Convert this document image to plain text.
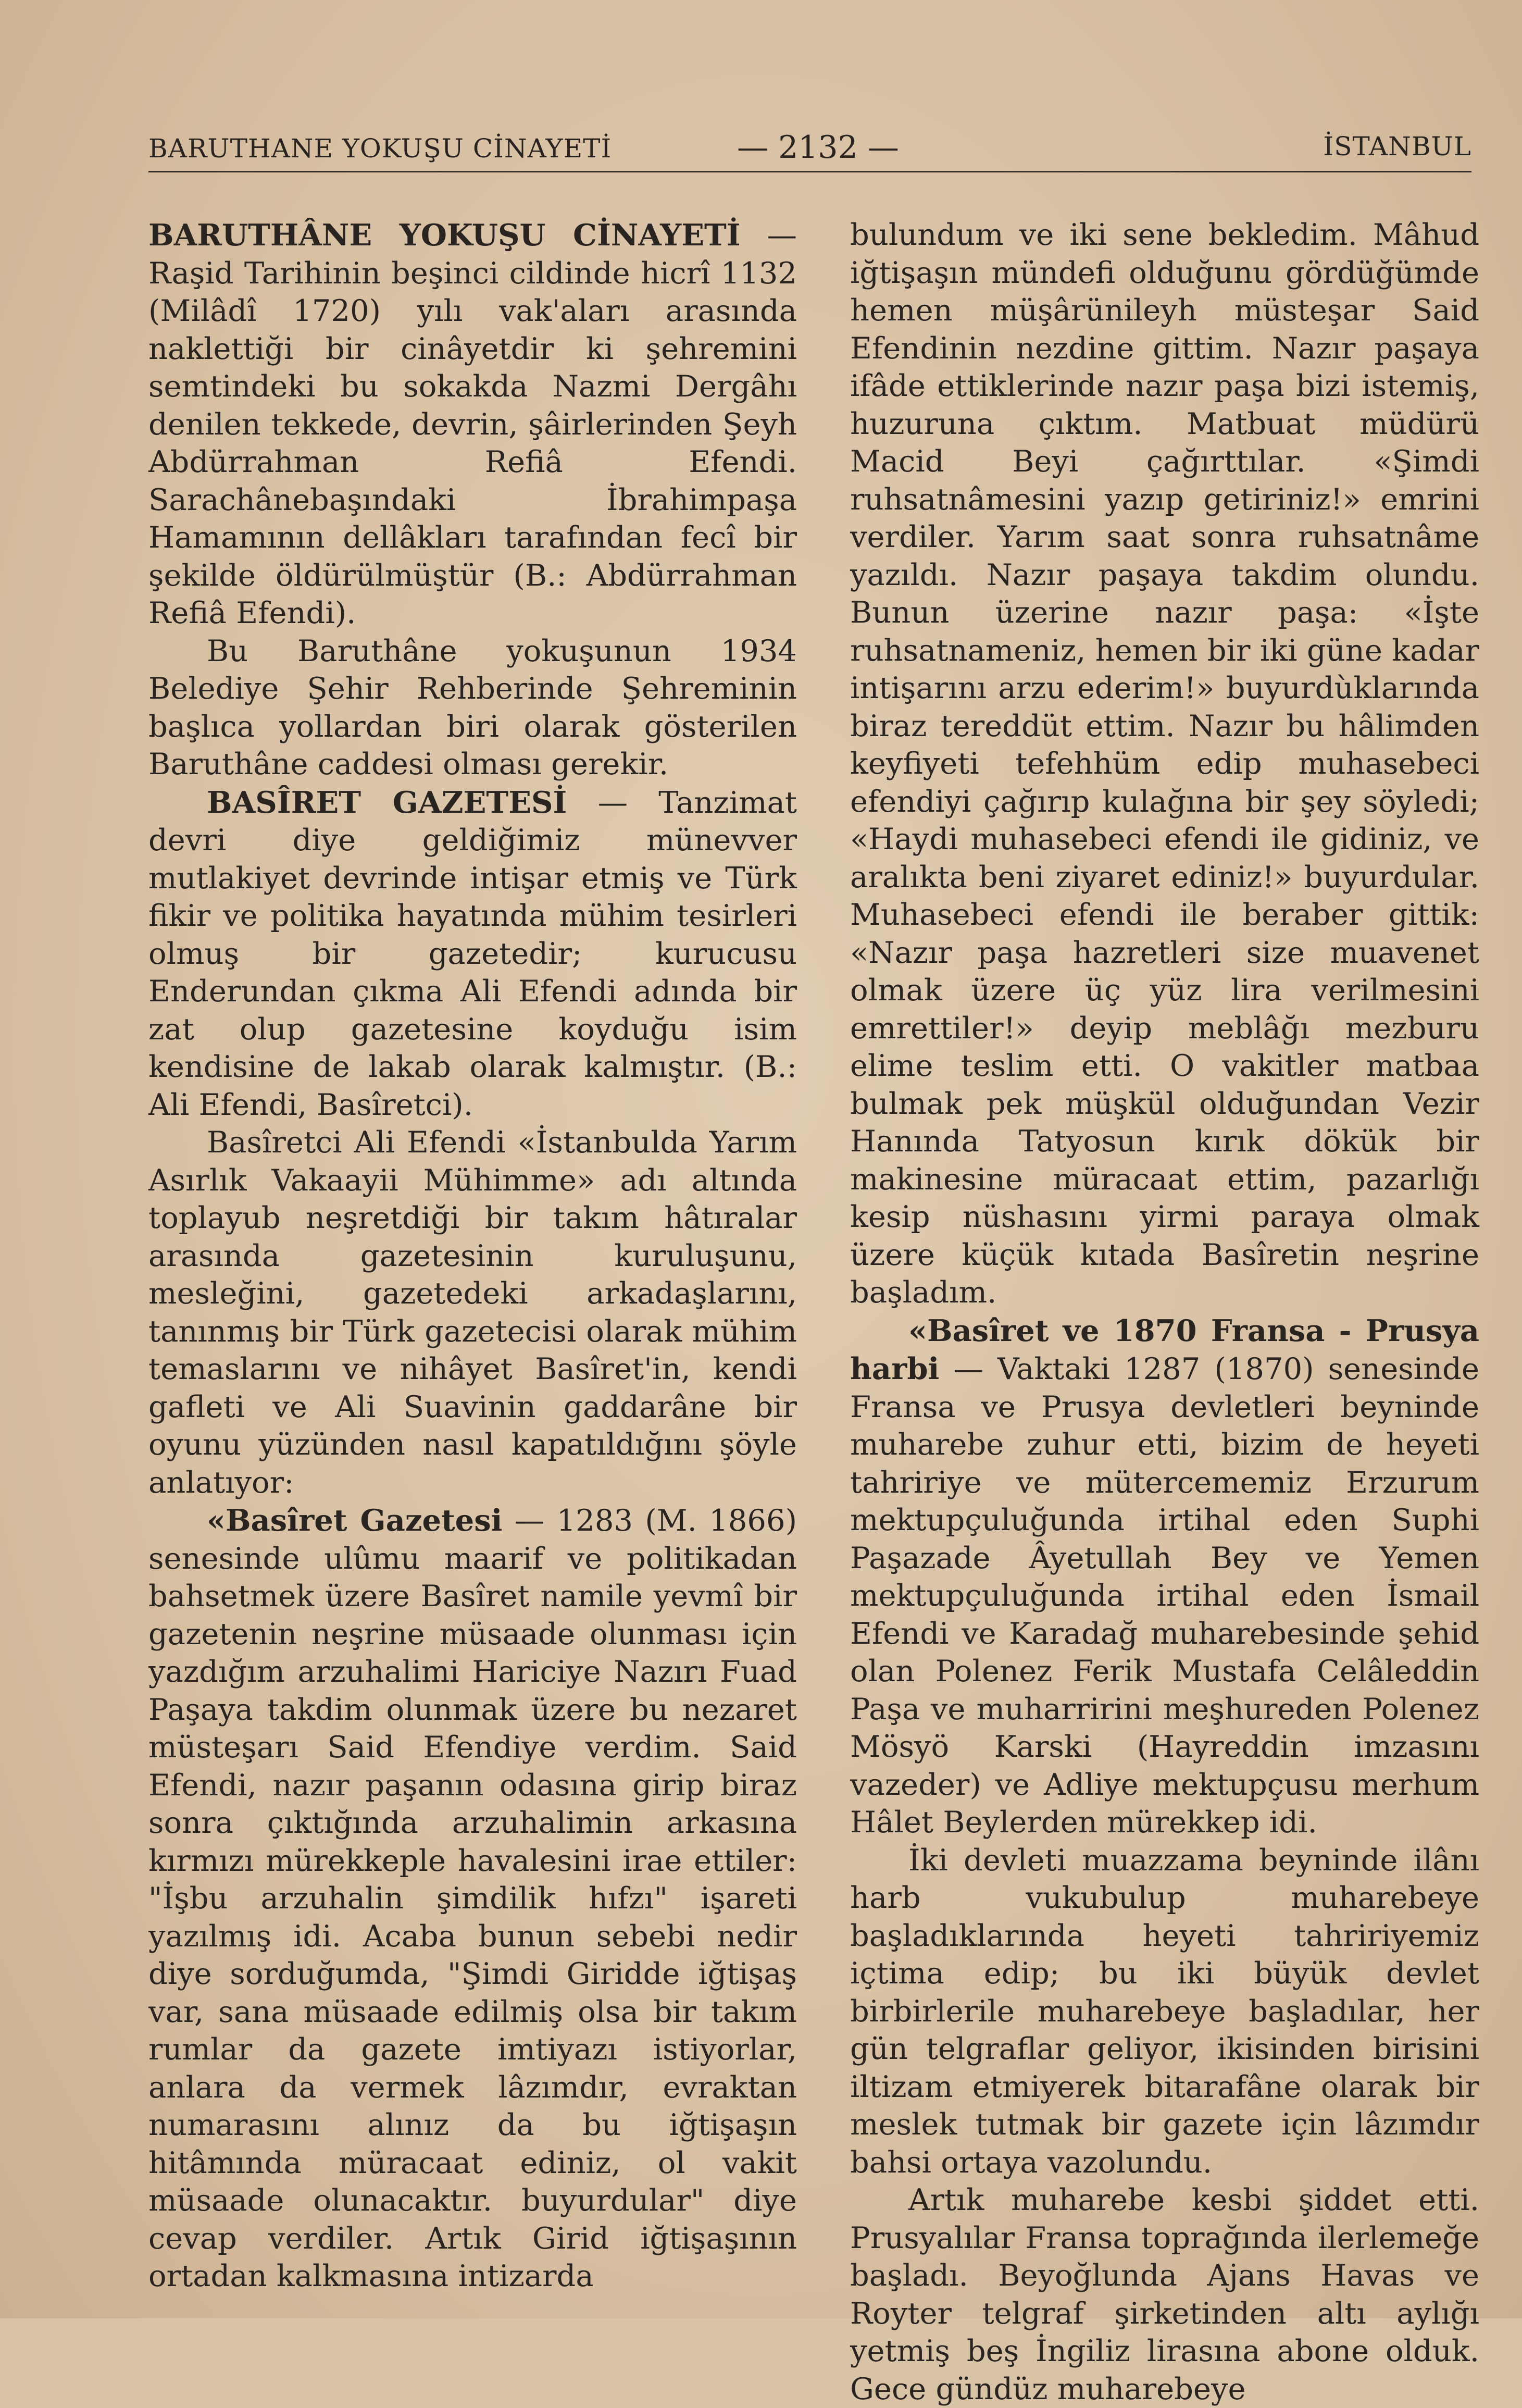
BARUTHANE YOKUŞU CİNAYETİ	— 2132 —	İSTANBUL

BARUTHÂNE YOKUŞU CİNAYETİ — Raşid Tarihinin beşinci cildinde hicrî 1132 (Milâdî 1720) yılı vak'aları arasında naklettiği bir cinâyetdir ki şehremini semtindeki bu sokakda Nazmi Dergâhı denilen tekkede, devrin, şâirlerinden Şeyh Abdürrahman Refiâ Efendi. Sarachânebaşındaki İbrahimpaşa Hamamının dellâkları tarafından fecî bir şekilde öldürülmüştür (B.: Abdürrahman Refiâ Efendi).

Bu Baruthâne yokuşunun 1934 Belediye Şehir Rehberinde Şehreminin başlıca yollardan biri olarak gösterilen Baruthâne caddesi olması gerekir.

BASÎRET GAZETESİ — Tanzimat devri diye geldiğimiz münevver mutlakiyet devrinde intişar etmiş ve Türk fikir ve politika hayatında mühim tesirleri olmuş bir gazetedir; kurucusu Enderundan çıkma Ali Efendi adında bir zat olup gazetesine koyduğu isim kendisine de lakab olarak kalmıştır. (B.: Ali Efendi, Basîretci).

Basîretci Ali Efendi «İstanbulda Yarım Asırlık Vakaayii Mühimme» adı altında toplayub neşretdiği bir takım hâtıralar arasında gazetesinin kuruluşunu, mesleğini, gazetedeki arkadaşlarını, tanınmış bir Türk gazetecisi olarak mühim temaslarını ve nihâyet Basîret'in, kendi gafleti ve Ali Suavinin gaddarâne bir oyunu yüzünden nasıl kapatıldığını şöyle anlatıyor:

«Basîret Gazetesi — 1283 (M. 1866) senesinde ulûmu maarif ve politikadan bahsetmek üzere Basîret namile yevmî bir gazetenin neşrine müsaade olunması için yazdığım arzuhalimi Hariciye Nazırı Fuad Paşaya takdim olunmak üzere bu nezaret müsteşarı Said Efendiye verdim. Said Efendi, nazır paşanın odasına girip biraz sonra çıktığında arzuhalimin arkasına kırmızı mürekkeple havalesini irae ettiler: "İşbu arzuhalin şimdilik hıfzı" işareti yazılmış idi. Acaba bunun sebebi nedir diye sorduğumda, "Şimdi Giridde iğtişaş var, sana müsaade edilmiş olsa bir takım rumlar da gazete imtiyazı istiyorlar, anlara da vermek lâzımdır, evraktan numarasını alınız da bu iğtişaşın hitâmında müracaat ediniz, ol vakit müsaade olunacaktır. buyurdular" diye cevap verdiler. Artık Girid iğtişaşının ortadan kalkmasına intizarda

bulundum ve iki sene bekledim. Mâhud iğtişaşın mündefi olduğunu gördüğümde hemen müşârünileyh müsteşar Said Efendinin nezdine gittim. Nazır paşaya ifâde ettiklerinde nazır paşa bizi istemiş, huzuruna çıktım. Matbuat müdürü Macid Beyi çağırttılar. «Şimdi ruhsatnâmesini yazıp getiriniz!» emrini verdiler. Yarım saat sonra ruhsatnâme yazıldı. Nazır paşaya takdim olundu. Bunun üzerine nazır paşa: «İşte ruhsatnameniz, hemen bir iki güne kadar intişarını arzu ederim!» buyurdùklarında biraz tereddüt ettim. Nazır bu hâlimden keyfiyeti tefehhüm edip muhasebeci efendiyi çağırıp kulağına bir şey söyledi; «Haydi muhasebeci efendi ile gidiniz, ve aralıkta beni ziyaret ediniz!» buyurdular. Muhasebeci efendi ile beraber gittik: «Nazır paşa hazretleri size muavenet olmak üzere üç yüz lira verilmesini emrettiler!» deyip meblâğı mezburu elime teslim etti. O vakitler matbaa bulmak pek müşkül olduğundan Vezir Hanında Tatyosun kırık dökük bir makinesine müracaat ettim, pazarlığı kesip nüshasını yirmi paraya olmak üzere küçük kıtada Basîretin neşrine başladım.

«Basîret ve 1870 Fransa - Prusya harbi — Vaktaki 1287 (1870) senesinde Fransa ve Prusya devletleri beyninde muharebe zuhur etti, bizim de heyeti tahririye ve mütercememiz Erzurum mektupçuluğunda irtihal eden Suphi Paşazade Âyetullah Bey ve Yemen mektupçuluğunda irtihal eden İsmail Efendi ve Karadağ muharebesinde şehid olan Polenez Ferik Mustafa Celâleddin Paşa ve muharririni meşhureden Polenez Mösyö Karski (Hayreddin imzasını vazeder) ve Adliye mektupçusu merhum Hâlet Beylerden mürekkep idi.

İki devleti muazzama beyninde ilânı harb vukubulup muharebeye başladıklarında heyeti tahririyemiz içtima edip; bu iki büyük devlet birbirlerile muharebeye başladılar, her gün telgraflar geliyor, ikisinden birisini iltizam etmiyerek bitarafâne olarak bir meslek tutmak bir gazete için lâzımdır bahsi ortaya vazolundu.

Artık muharebe kesbi şiddet etti. Prusyalılar Fransa toprağında ilerlemeğe başladı. Beyoğlunda Ajans Havas ve Royter telgraf şirketinden altı aylığı yetmiş beş İngiliz lirasına abone olduk. Gece gündüz muharebeye
